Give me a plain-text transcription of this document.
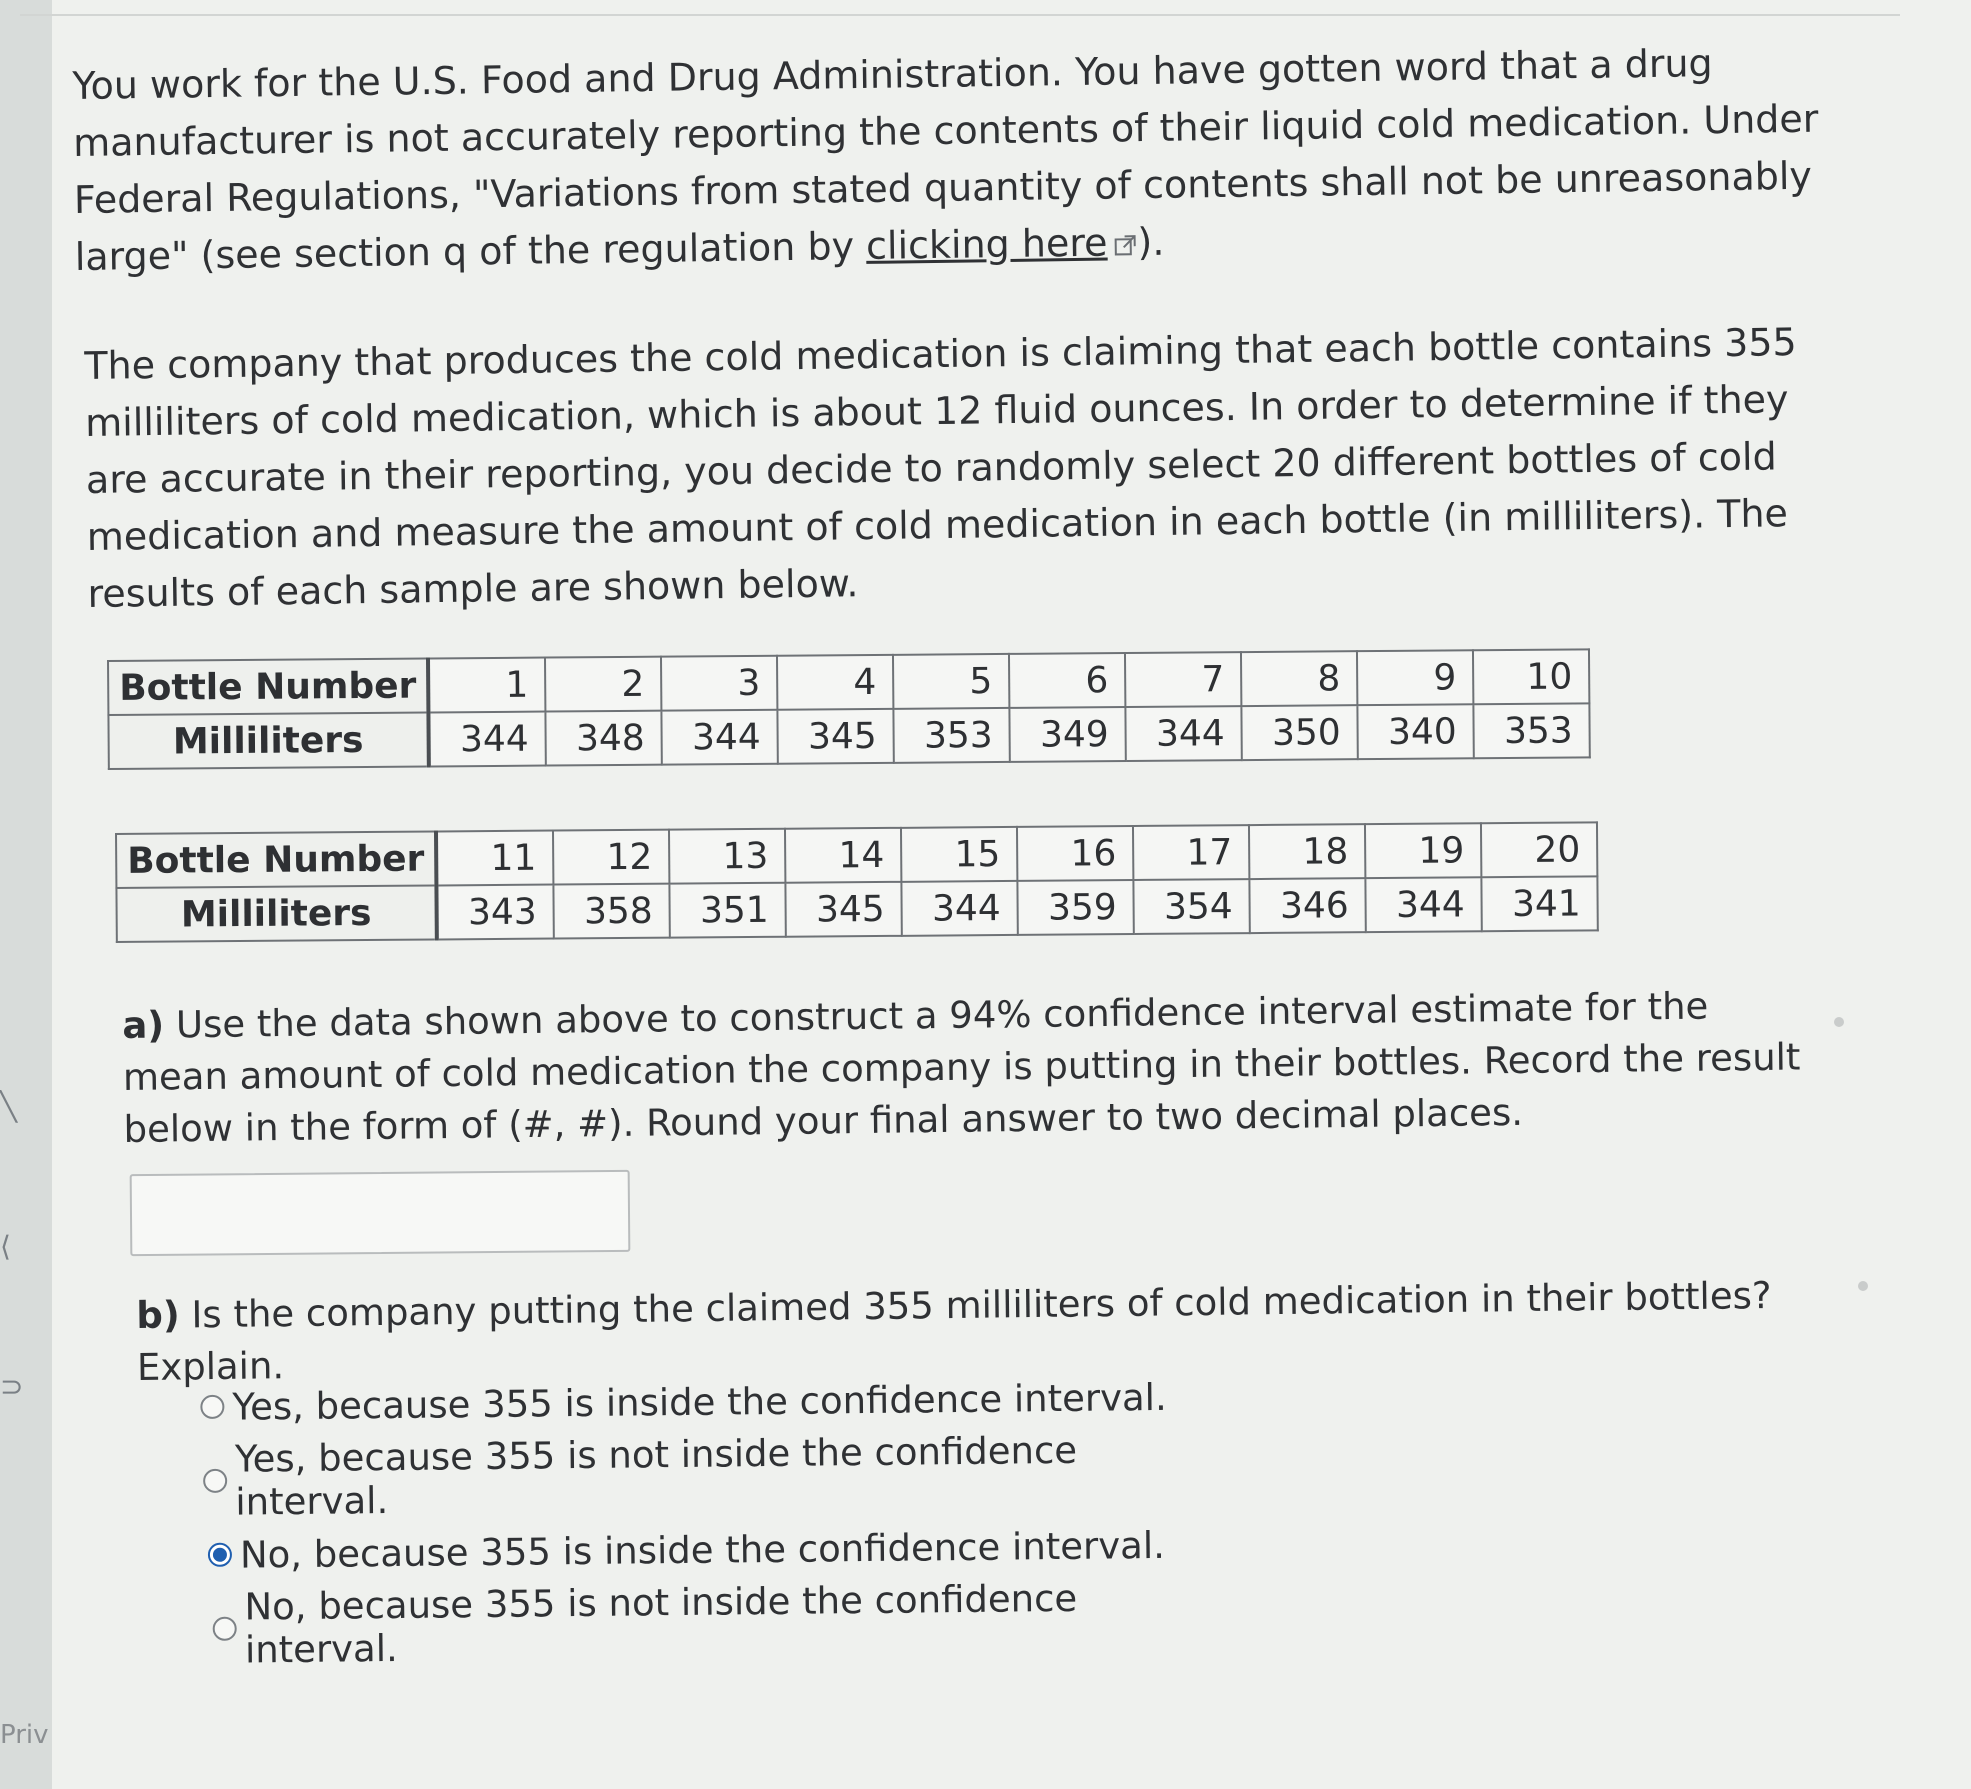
╲
⟨
⊃
Priv
You work for the U.S. Food and Drug Administration. You have gotten word that a drug manufacturer is not accurately reporting the contents of their liquid cold medication. Under Federal Regulations, "Variations from stated quantity of contents shall not be unreasonably large" (see section q of the regulation by clicking here ).
The company that produces the cold medication is claiming that each bottle contains 355 milliliters of cold medication, which is about 12 fluid ounces. In order to determine if they are accurate in their reporting, you decide to randomly select 20 different bottles of cold medication and measure the amount of cold medication in each bottle (in milliliters). The results of each sample are shown below.
Bottle Number	1	2	3	4	5	6	7	8	9	10
Milliliters	344	348	344	345	353	349	344	350	340	353
Bottle Number	11	12	13	14	15	16	17	18	19	20
Milliliters	343	358	351	345	344	359	354	346	344	341
a) Use the data shown above to construct a 94% confidence interval estimate for the mean amount of cold medication the company is putting in their bottles. Record the result below in the form of (#, #). Round your final answer to two decimal places.
b) Is the company putting the claimed 355 milliliters of cold medication in their bottles? Explain.
Yes, because 355 is inside the confidence interval.
Yes, because 355 is not inside the confidence interval.
No, because 355 is inside the confidence interval.
No, because 355 is not inside the confidence interval.
